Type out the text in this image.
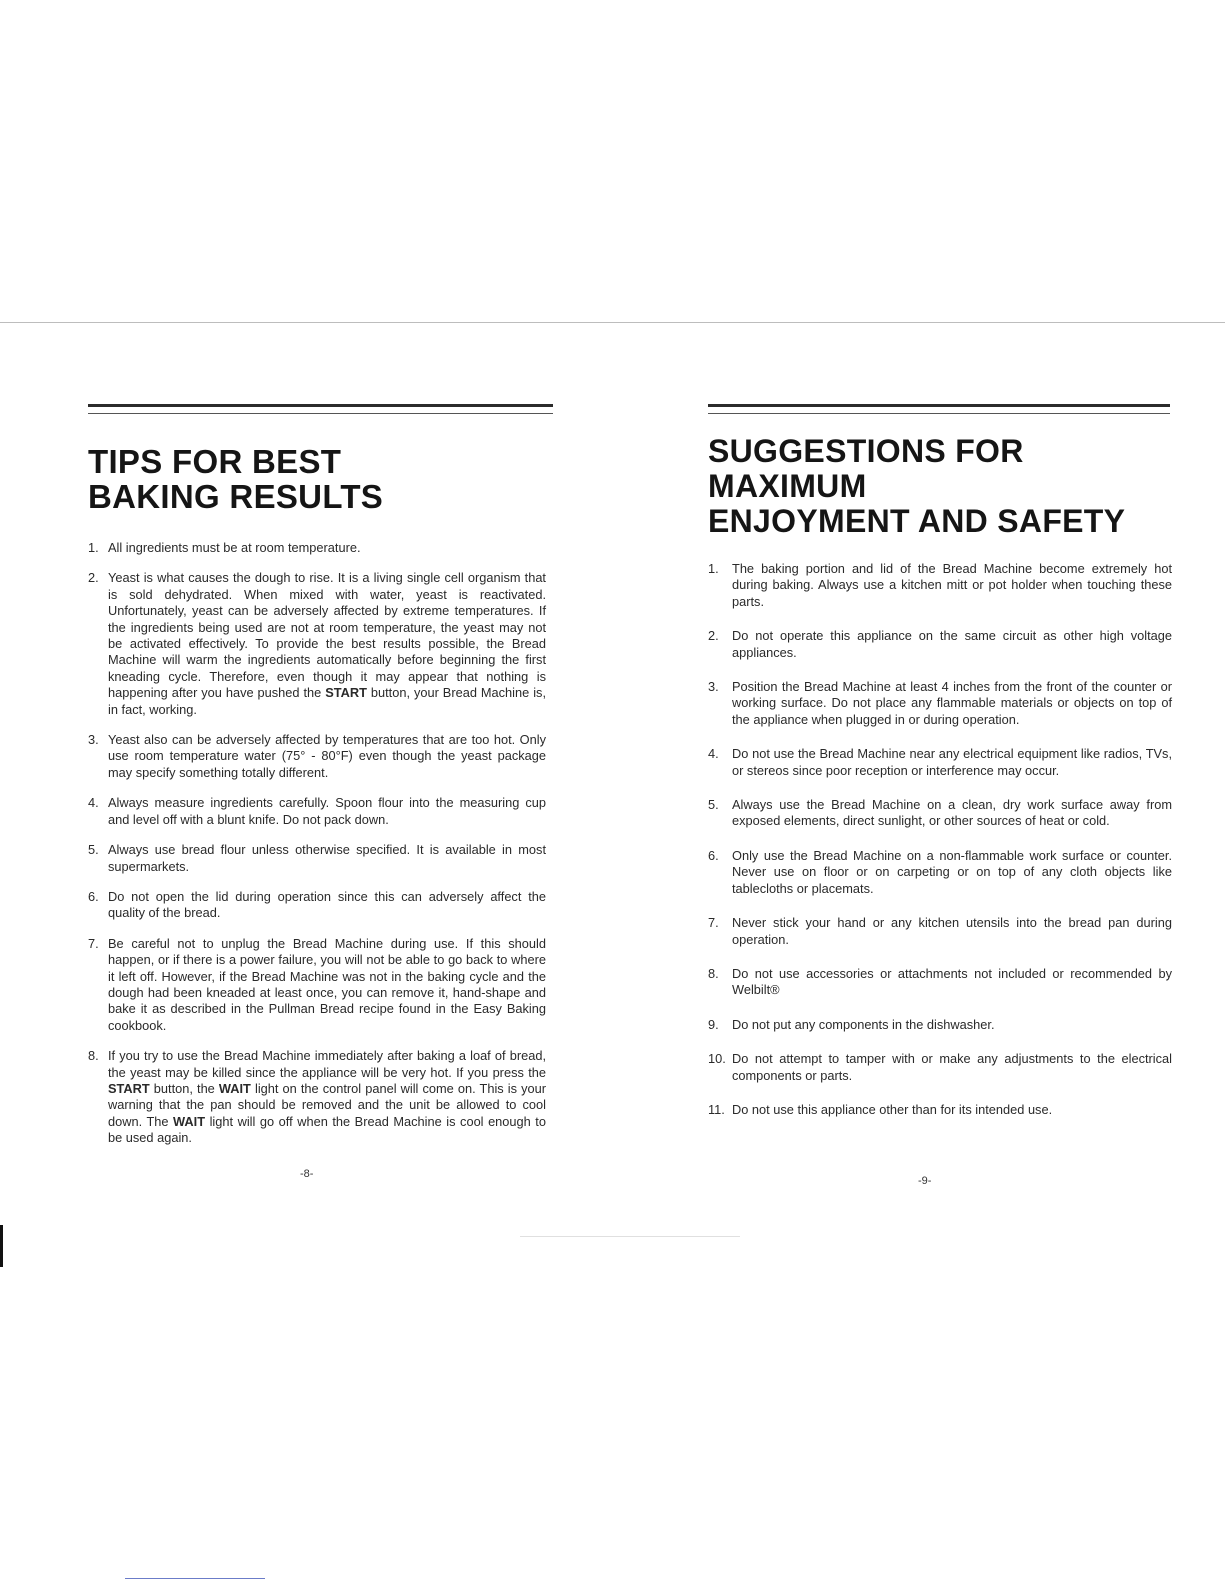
TIPS FOR BEST
BAKING RESULTS
1. All ingredients must be at room temperature.
2. Yeast is what causes the dough to rise. It is a living single cell organism that is sold dehydrated. When mixed with water, yeast is reactivated. Unfortunately, yeast can be adversely affected by extreme temperatures. If the ingredients being used are not at room temperature, the yeast may not be activated effectively. To provide the best results possible, the Bread Machine will warm the ingredients automatically before beginning the first kneading cycle. Therefore, even though it may appear that nothing is happening after you have pushed the START button, your Bread Machine is, in fact, working.
3. Yeast also can be adversely affected by temperatures that are too hot. Only use room temperature water (75° - 80°F) even though the yeast package may specify something totally different.
4. Always measure ingredients carefully. Spoon flour into the measuring cup and level off with a blunt knife. Do not pack down.
5. Always use bread flour unless otherwise specified. It is available in most supermarkets.
6. Do not open the lid during operation since this can adversely affect the quality of the bread.
7. Be careful not to unplug the Bread Machine during use. If this should happen, or if there is a power failure, you will not be able to go back to where it left off. However, if the Bread Machine was not in the baking cycle and the dough had been kneaded at least once, you can remove it, hand-shape and bake it as described in the Pullman Bread recipe found in the Easy Baking cookbook.
8. If you try to use the Bread Machine immediately after baking a loaf of bread, the yeast may be killed since the appliance will be very hot. If you press the START button, the WAIT light on the control panel will come on. This is your warning that the pan should be removed and the unit be allowed to cool down. The WAIT light will go off when the Bread Machine is cool enough to be used again.
-8-
SUGGESTIONS FOR MAXIMUM
ENJOYMENT AND SAFETY
1. The baking portion and lid of the Bread Machine become extremely hot during baking. Always use a kitchen mitt or pot holder when touching these parts.
2. Do not operate this appliance on the same circuit as other high voltage appliances.
3. Position the Bread Machine at least 4 inches from the front of the counter or working surface. Do not place any flammable materials or objects on top of the appliance when plugged in or during operation.
4. Do not use the Bread Machine near any electrical equipment like radios, TVs, or stereos since poor reception or interference may occur.
5. Always use the Bread Machine on a clean, dry work surface away from exposed elements, direct sunlight, or other sources of heat or cold.
6. Only use the Bread Machine on a non-flammable work surface or counter. Never use on floor or on carpeting or on top of any cloth objects like tablecloths or placemats.
7. Never stick your hand or any kitchen utensils into the bread pan during operation.
8. Do not use accessories or attachments not included or recommended by Welbilt®
9. Do not put any components in the dishwasher.
10. Do not attempt to tamper with or make any adjustments to the electrical components or parts.
11. Do not use this appliance other than for its intended use.
-9-
